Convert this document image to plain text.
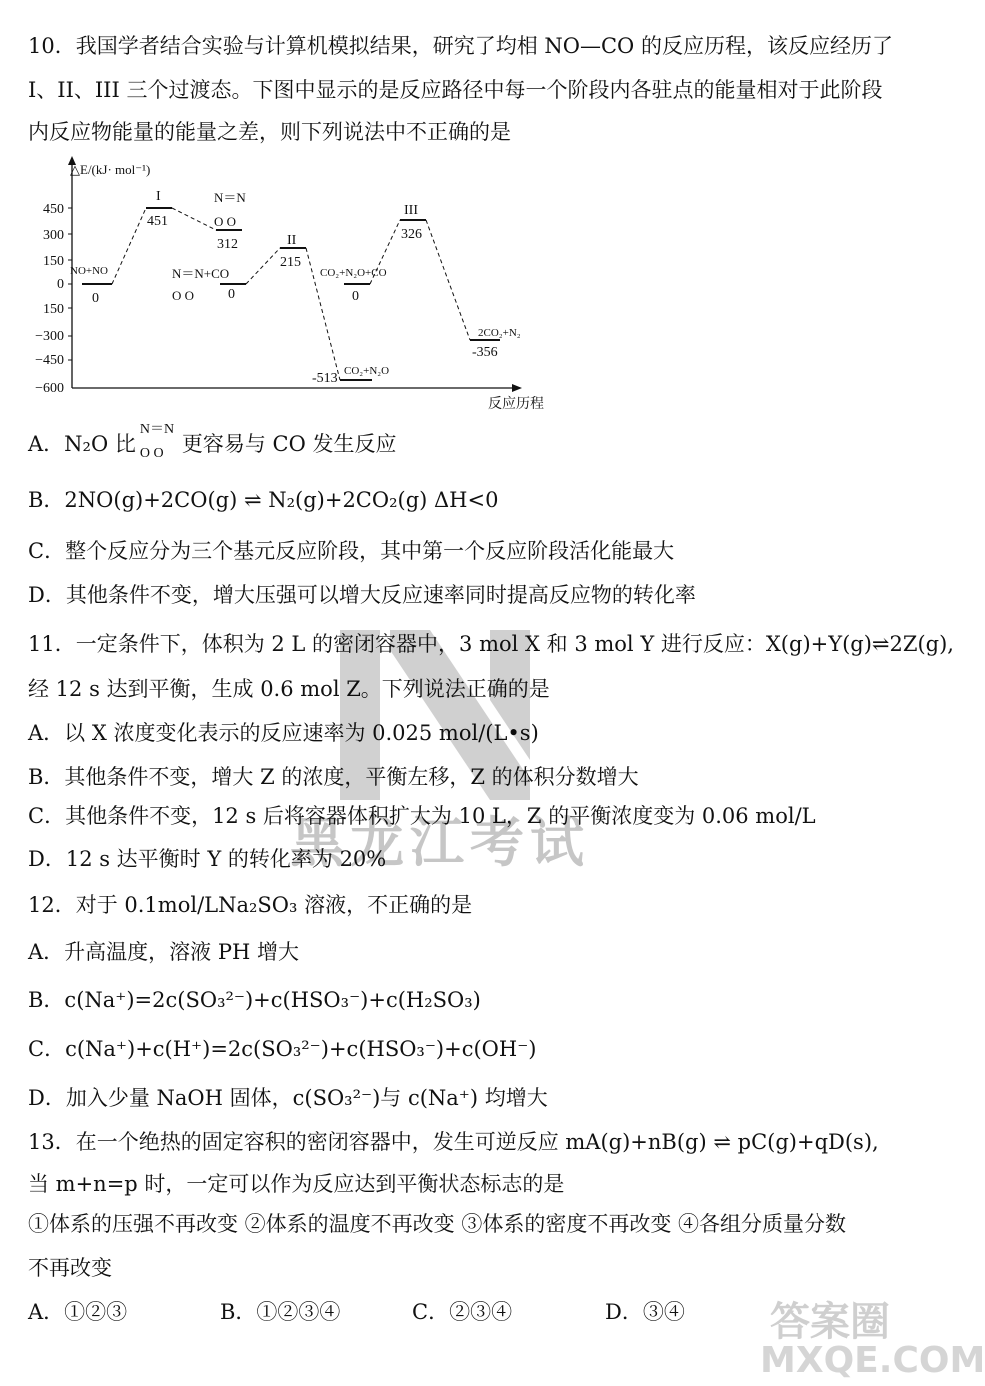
10．我国学者结合实验与计算机模拟结果，研究了均相 NO—CO 的反应历程，该反应经历了
I、II、III 三个过渡态。下图中显示的是反应路径中每一个阶段内各驻点的能量相对于此阶段
内反应物能量的能量之差，则下列说法中不正确的是
△E/(kJ· mol⁻¹)
反应历程
450
300
150
0
150
−300
−450
−600
I
451
N＝N
O O
312
NO+NO
0
N＝N+CO
O O 0
II
215
CO₂+N₂O+CO
0
III
326
CO₂+N₂O
-513
2CO₂+N₂
-356
A．N₂O 比
N＝N
O O 更容易与 CO 发生反应
B．2NO(g)+2CO(g) ⇌ N₂(g)+2CO₂(g) ΔH<0
C．整个反应分为三个基元反应阶段，其中第一个反应阶段活化能最大
D．其他条件不变，增大压强可以增大反应速率同时提高反应物的转化率
11．一定条件下，体积为 2 L 的密闭容器中，3 mol X 和 3 mol Y 进行反应：X(g)+Y(g)⇌2Z(g),
经 12 s 达到平衡，生成 0.6 mol Z。下列说法正确的是
A．以 X 浓度变化表示的反应速率为 0.025 mol/(L•s)
B．其他条件不变，增大 Z 的浓度，平衡左移，Z 的体积分数增大
C．其他条件不变，12 s 后将容器体积扩大为 10 L，Z 的平衡浓度变为 0.06 mol/L
D．12 s 达平衡时 Y 的转化率为 20%
12．对于 0.1mol/LNa₂SO₃ 溶液，不正确的是
A．升高温度，溶液 PH 增大
B．c(Na⁺)=2c(SO₃²⁻)+c(HSO₃⁻)+c(H₂SO₃)
C．c(Na⁺)+c(H⁺)=2c(SO₃²⁻)+c(HSO₃⁻)+c(OH⁻)
D．加入少量 NaOH 固体，c(SO₃²⁻)与 c(Na⁺) 均增大
13．在一个绝热的固定容积的密闭容器中，发生可逆反应 mA(g)+nB(g) ⇌ pC(g)+qD(s),
当 m+n=p 时，一定可以作为反应达到平衡状态标志的是
①体系的压强不再改变 ②体系的温度不再改变 ③体系的密度不再改变 ④各组分质量分数
不再改变
A．①②③	B．①②③④	C．②③④	D．③④
N
黑龙江考试
答案圈
MXQE.COM
